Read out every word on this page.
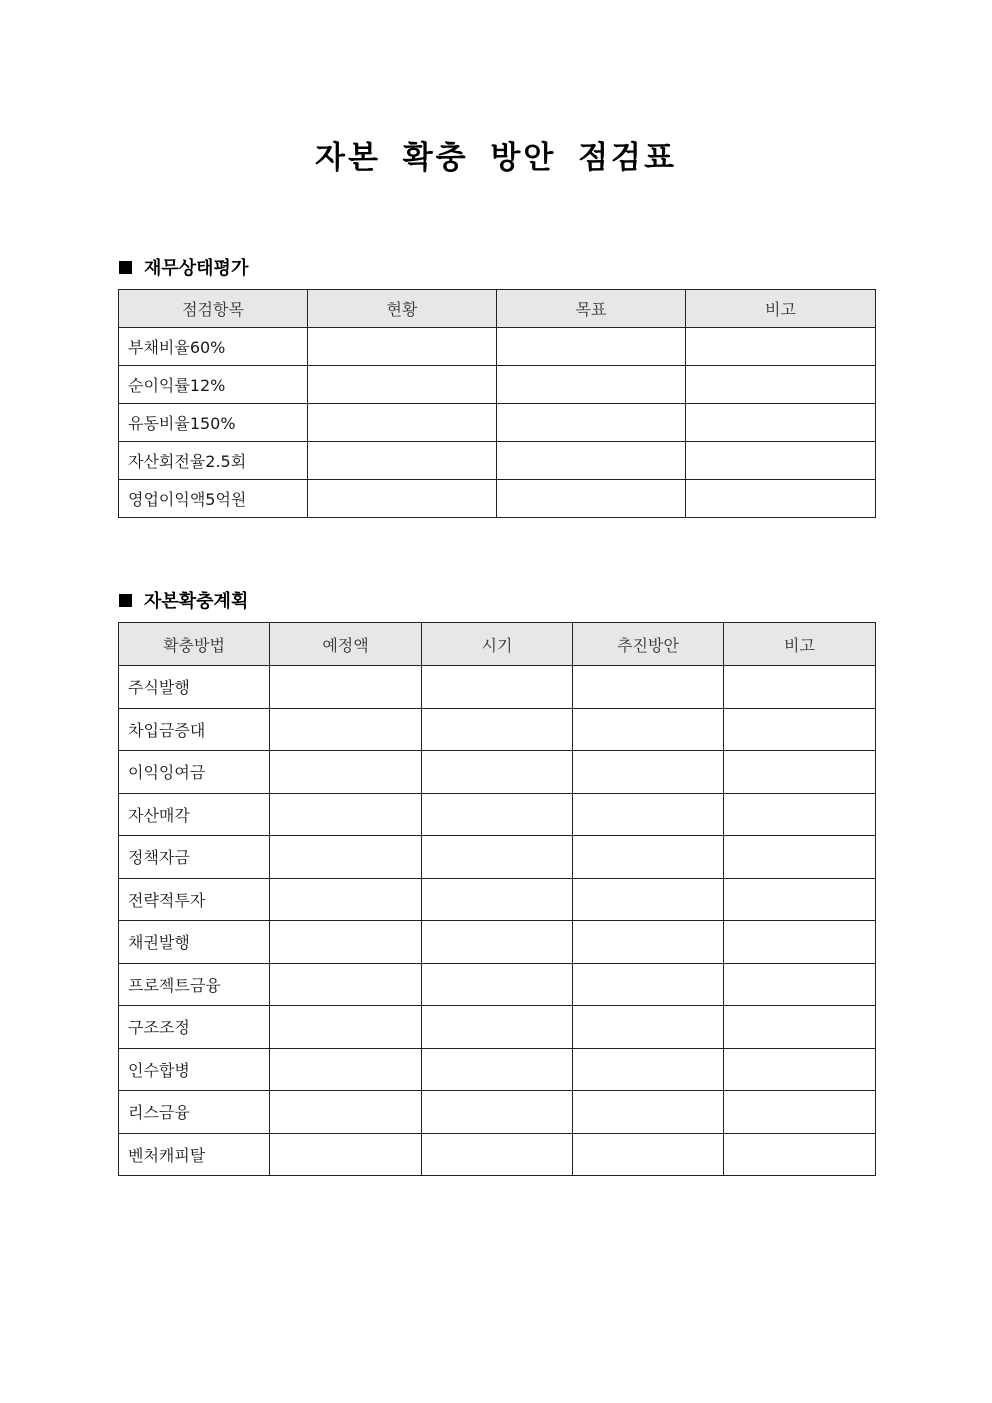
자본 확충 방안 점검표
재무상태평가
점검항목	현황	목표	비고
부채비율60%			
순이익률12%			
유동비율150%			
자산회전율2.5회			
영업이익액5억원			
자본확충계획
확충방법	예정액	시기	추진방안	비고
주식발행				
차입금증대				
이익잉여금				
자산매각				
정책자금				
전략적투자				
채권발행				
프로젝트금융				
구조조정				
인수합병				
리스금융				
벤처캐피탈				
